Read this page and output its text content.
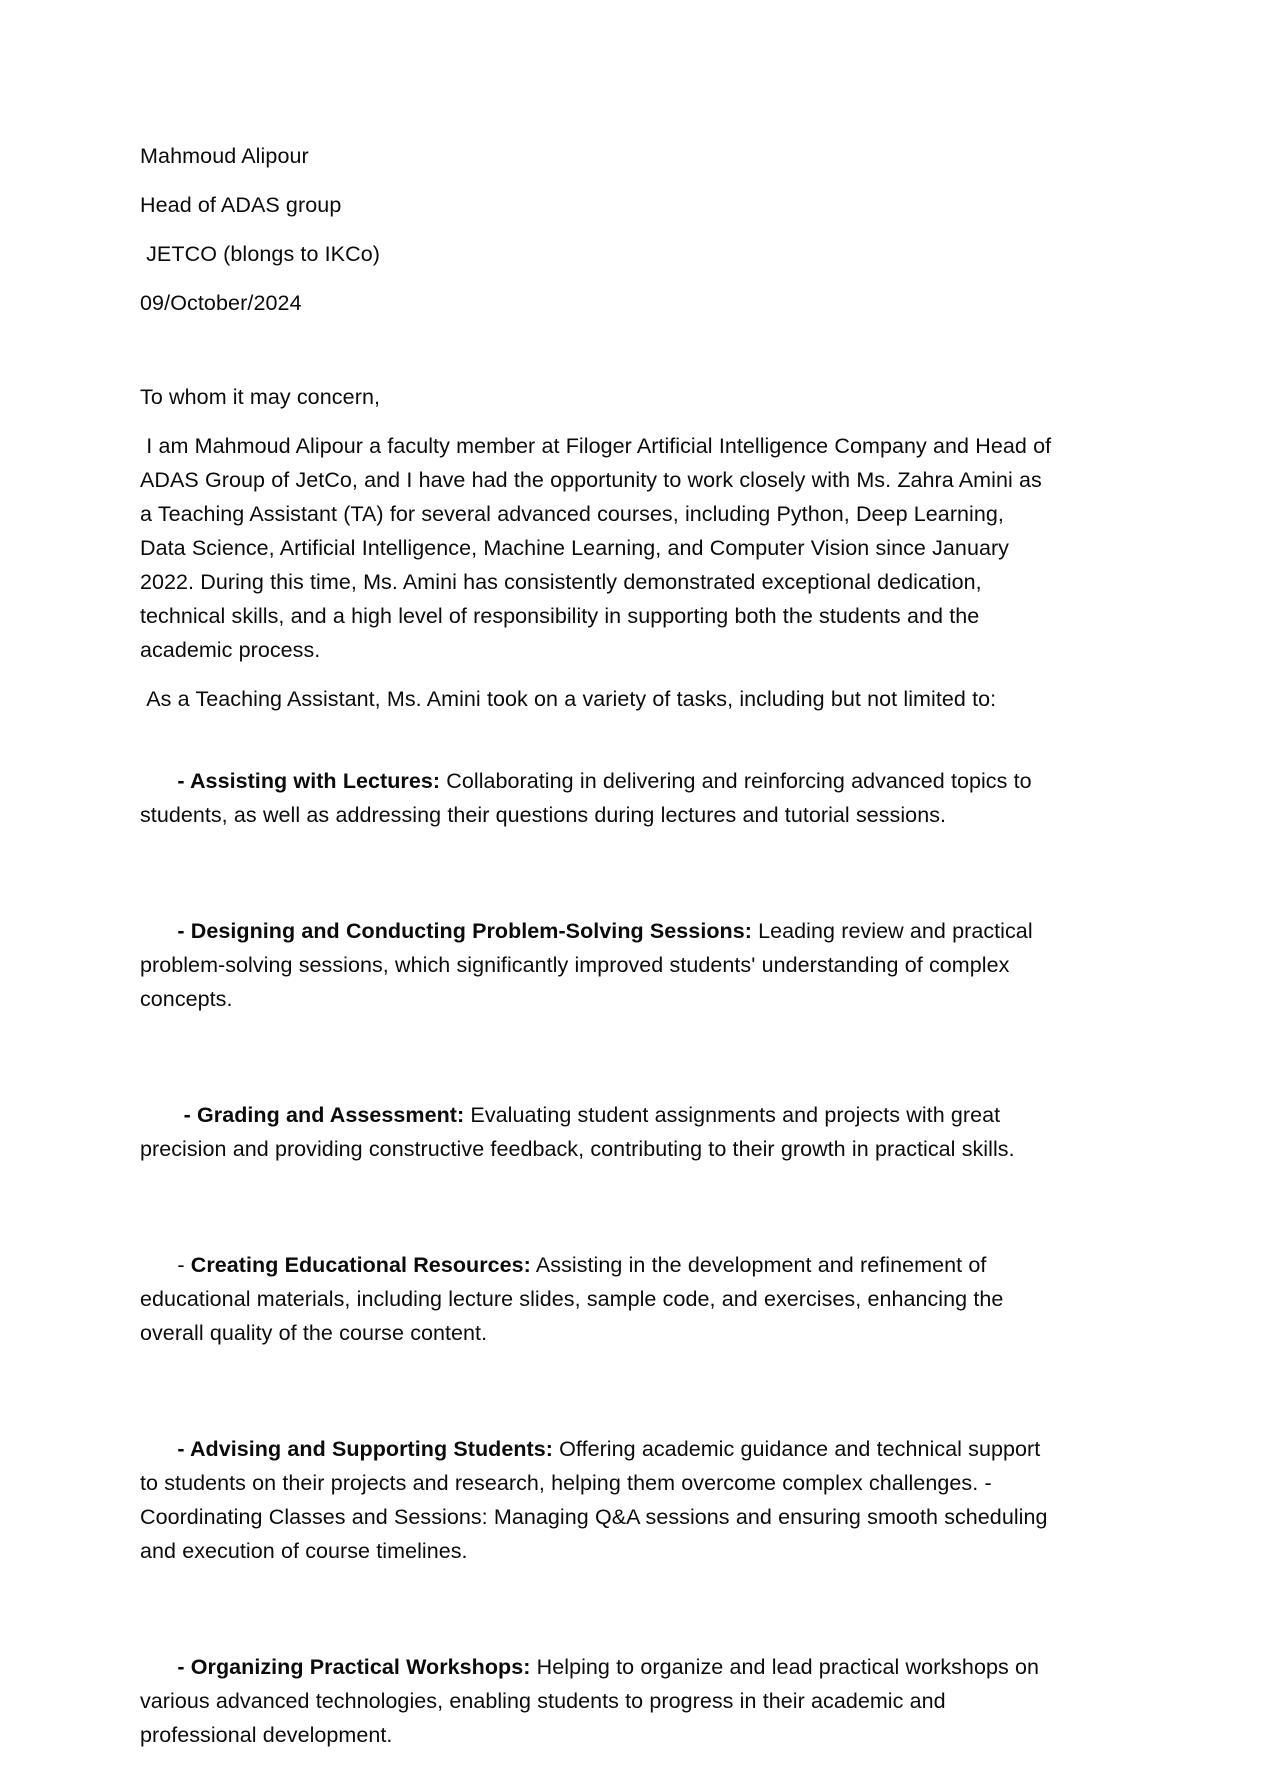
Mahmoud Alipour
Head of ADAS group
JETCO (blongs to IKCo)
09/October/2024
To whom it may concern,
I am Mahmoud Alipour a faculty member at Filoger Artificial Intelligence Company and Head of ADAS Group of JetCo, and I have had the opportunity to work closely with Ms. Zahra Amini as a Teaching Assistant (TA) for several advanced courses, including Python, Deep Learning, Data Science, Artificial Intelligence, Machine Learning, and Computer Vision since January 2022. During this time, Ms. Amini has consistently demonstrated exceptional dedication, technical skills, and a high level of responsibility in supporting both the students and the academic process.
As a Teaching Assistant, Ms. Amini took on a variety of tasks, including but not limited to:

- Assisting with Lectures: Collaborating in delivering and reinforcing advanced topics to students, as well as addressing their questions during lectures and tutorial sessions.

- Designing and Conducting Problem-Solving Sessions: Leading review and practical problem-solving sessions, which significantly improved students' understanding of complex concepts.

- Grading and Assessment: Evaluating student assignments and projects with great precision and providing constructive feedback, contributing to their growth in practical skills.

- Creating Educational Resources: Assisting in the development and refinement of educational materials, including lecture slides, sample code, and exercises, enhancing the overall quality of the course content.

- Advising and Supporting Students: Offering academic guidance and technical support to students on their projects and research, helping them overcome complex challenges. - Coordinating Classes and Sessions: Managing Q&A sessions and ensuring smooth scheduling and execution of course timelines.

- Organizing Practical Workshops: Helping to organize and lead practical workshops on various advanced technologies, enabling students to progress in their academic and professional development.
